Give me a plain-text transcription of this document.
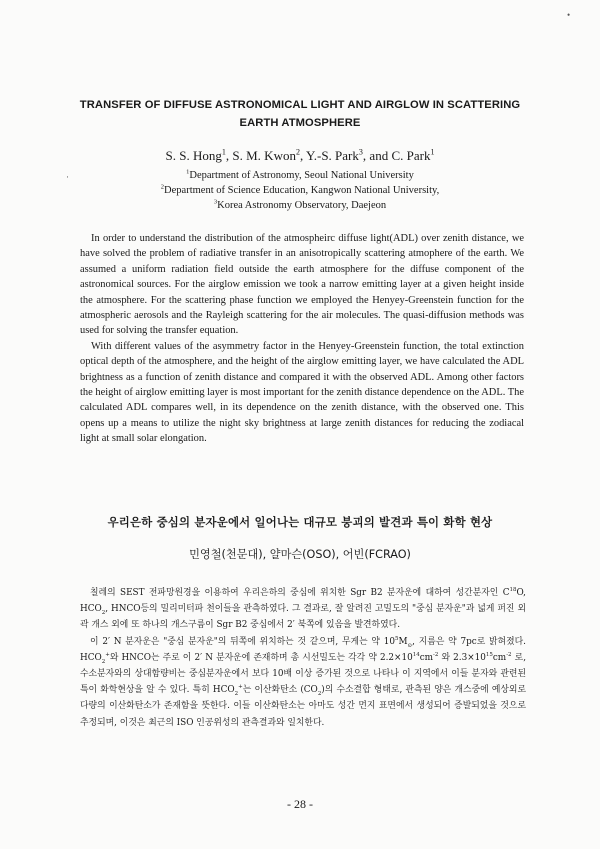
•
·
TRANSFER OF DIFFUSE ASTRONOMICAL LIGHT AND AIRGLOW IN SCATTERING
EARTH ATMOSPHERE
S. S. Hong$^1$, S. M. Kwon$^2$, Y.-S. Park$^3$, and C. Park$^1$
$^1$Department of Astronomy, Seoul National University
$^2$Department of Science Education, Kangwon National University,
$^3$Korea Astronomy Observatory, Daejeon

In order to understand the distribution of the atmospheirc diffuse light(ADL) over zenith distance, we have solved the problem of radiative transfer in an anisotropically scattering atmophere of the earth. We assumed a uniform radiation field outside the earth atmosphere for the diffuse component of the astronomical sources. For the airglow emission we took a narrow emitting layer at a given height inside the atmosphere. For the scattering phase function we employed the Henyey-Greenstein function for the atmospheric aerosols and the Rayleigh scattering for the air molecules. The quasi-diffusion methods was used for solving the transfer equation.

With different values of the asymmetry factor in the Henyey-Greenstein function, the total extinction optical depth of the atmosphere, and the height of the airglow emitting layer, we have calculated the ADL brightness as a function of zenith distance and compared it with the observed ADL. Among other factors the height of airglow emitting layer is most important for the zenith distance dependence on the ADL. The calculated ADL compares well, in its dependence on the zenith distance, with the observed one. This opens up a means to utilize the night sky brightness at large zenith distances for reducing the zodiacal light at small solar elongation.

우리은하 중심의 분자운에서 일어나는 대규모 붕괴의 발견과 특이 화학 현상
민영철(천문대), 얄마슨(OSO), 어빈(FCRAO)

칠레의 SEST 전파망원경을 이용하여 우리은하의 중심에 위치한 Sgr B2 분자운에 대하여 성간분자인 $C^{18}O$, $HCO_2$, HNCO등의 밀리미터파 천이들을 관측하였다. 그 결과로, 잘 알려진 고밀도의 "중심 분자운"과 넓게 퍼진 외곽 개스 외에 또 하나의 개스구름이 Sgr B2 중심에서 2′ 북쪽에 있음을 발견하였다.

이 2′ N 분자운은 "중심 분자운"의 뒤쪽에 위치하는 것 같으며, 무게는 약 $10^5M_⊙$, 지름은 약 7pc로 밝혀졌다. $HCO_2^+$와 HNCO는 주로 이 2′ N 분자운에 존재하며 총 시선밀도는 각각 약 $2.2\times 10^{14}cm^{-2}$ 와 $2.3\times 10^{15}cm^{-2}$ 로, 수소분자와의 상대함량비는 중심분자운에서 보다 10배 이상 증가된 것으로 나타나 이 지역에서 이들 분자와 관련된 특이 화학현상을 알 수 있다. 특히 $HCO_2^+$는 이산화탄소 $(CO_2)$의 수소결합 형태로, 관측된 양은 개스중에 예상외로 다량의 이산화탄소가 존재함을 뜻한다. 이들 이산화탄소는 아마도 성간 먼지 표면에서 생성되어 증발되었을 것으로 추정되며, 이것은 최근의 ISO 인공위성의 관측결과와 일치한다.

- 28 -
